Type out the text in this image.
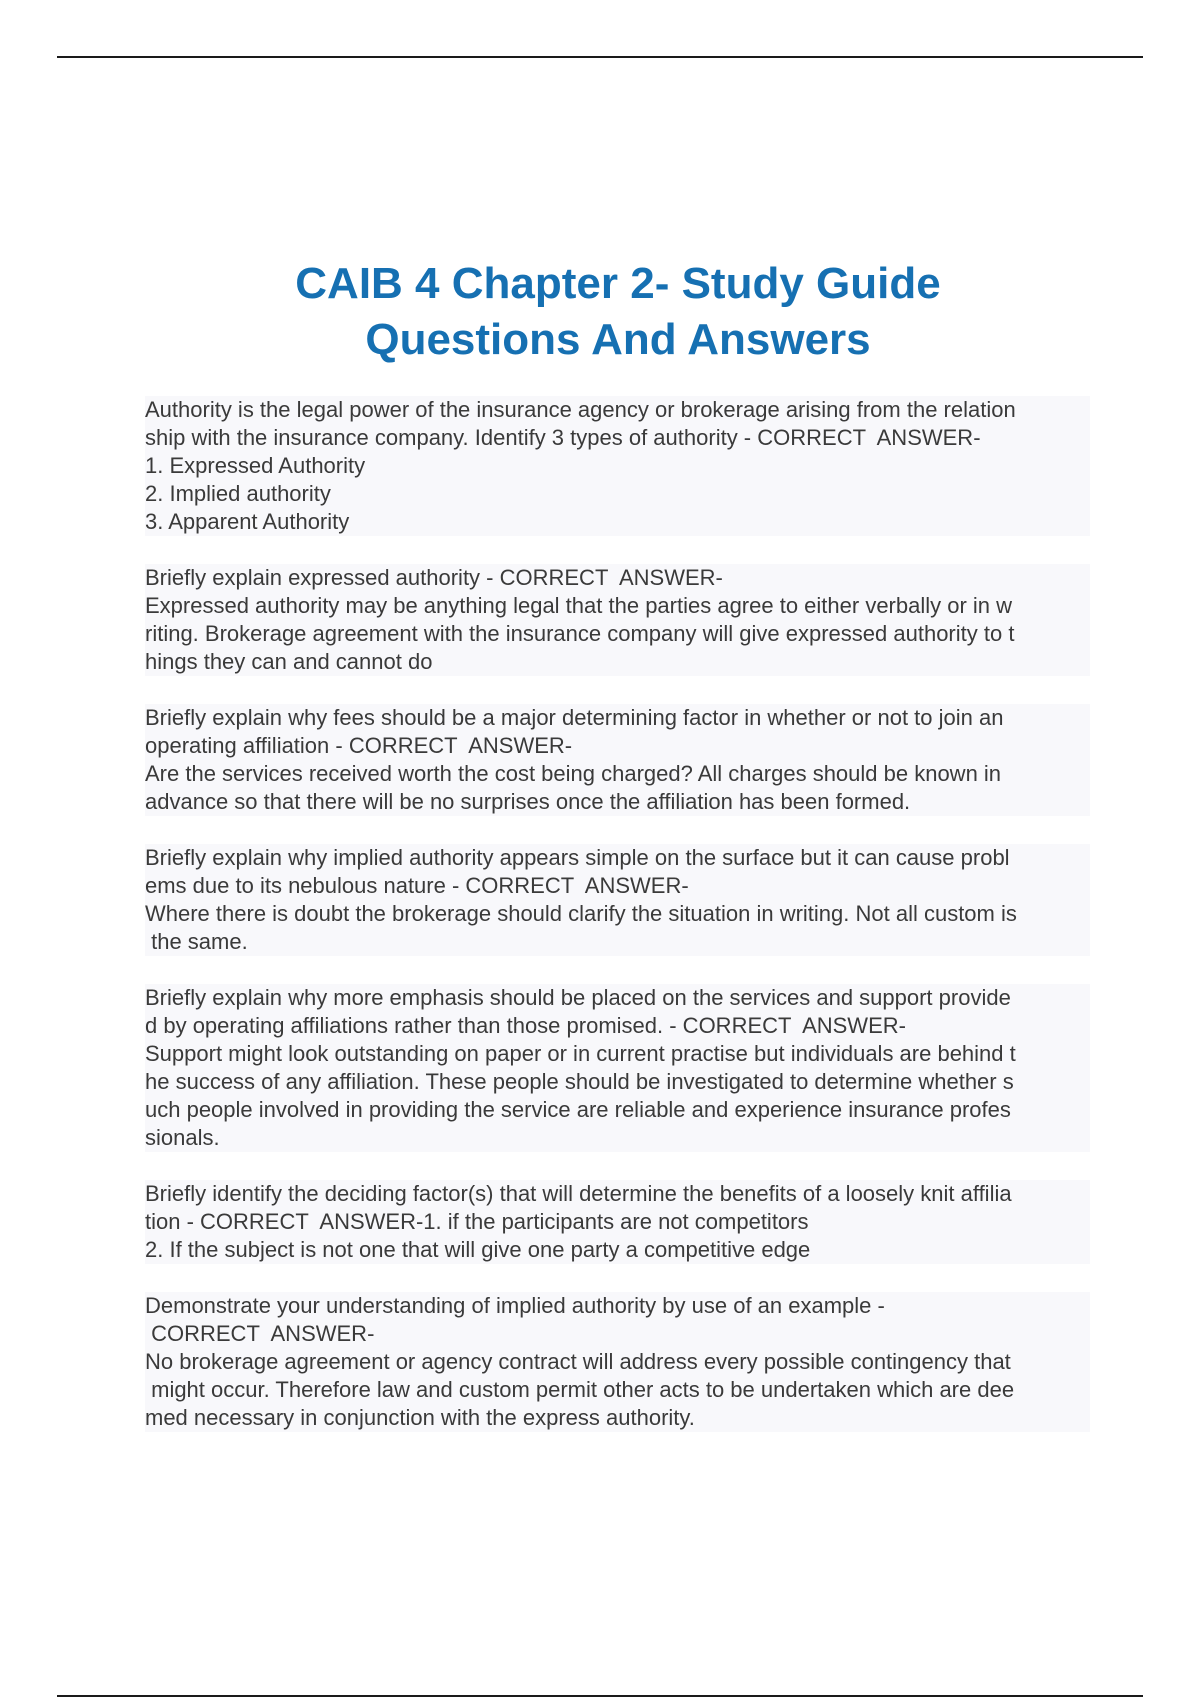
CAIB 4 Chapter 2- Study Guide
Questions And Answers
Authority is the legal power of the insurance agency or brokerage arising from the relation
ship with the insurance company. Identify 3 types of authority - CORRECT  ANSWER-
1. Expressed Authority
2. Implied authority
3. Apparent Authority
Briefly explain expressed authority - CORRECT  ANSWER-
Expressed authority may be anything legal that the parties agree to either verbally or in w
riting. Brokerage agreement with the insurance company will give expressed authority to t
hings they can and cannot do
Briefly explain why fees should be a major determining factor in whether or not to join an
operating affiliation - CORRECT  ANSWER-
Are the services received worth the cost being charged? All charges should be known in
advance so that there will be no surprises once the affiliation has been formed.
Briefly explain why implied authority appears simple on the surface but it can cause probl
ems due to its nebulous nature - CORRECT  ANSWER-
Where there is doubt the brokerage should clarify the situation in writing. Not all custom is
the same.
Briefly explain why more emphasis should be placed on the services and support provide
d by operating affiliations rather than those promised. - CORRECT  ANSWER-
Support might look outstanding on paper or in current practise but individuals are behind t
he success of any affiliation. These people should be investigated to determine whether s
uch people involved in providing the service are reliable and experience insurance profes
sionals.
Briefly identify the deciding factor(s) that will determine the benefits of a loosely knit affilia
tion - CORRECT  ANSWER-1. if the participants are not competitors
2. If the subject is not one that will give one party a competitive edge
Demonstrate your understanding of implied authority by use of an example -
CORRECT  ANSWER-
No brokerage agreement or agency contract will address every possible contingency that
might occur. Therefore law and custom permit other acts to be undertaken which are dee
med necessary in conjunction with the express authority.
